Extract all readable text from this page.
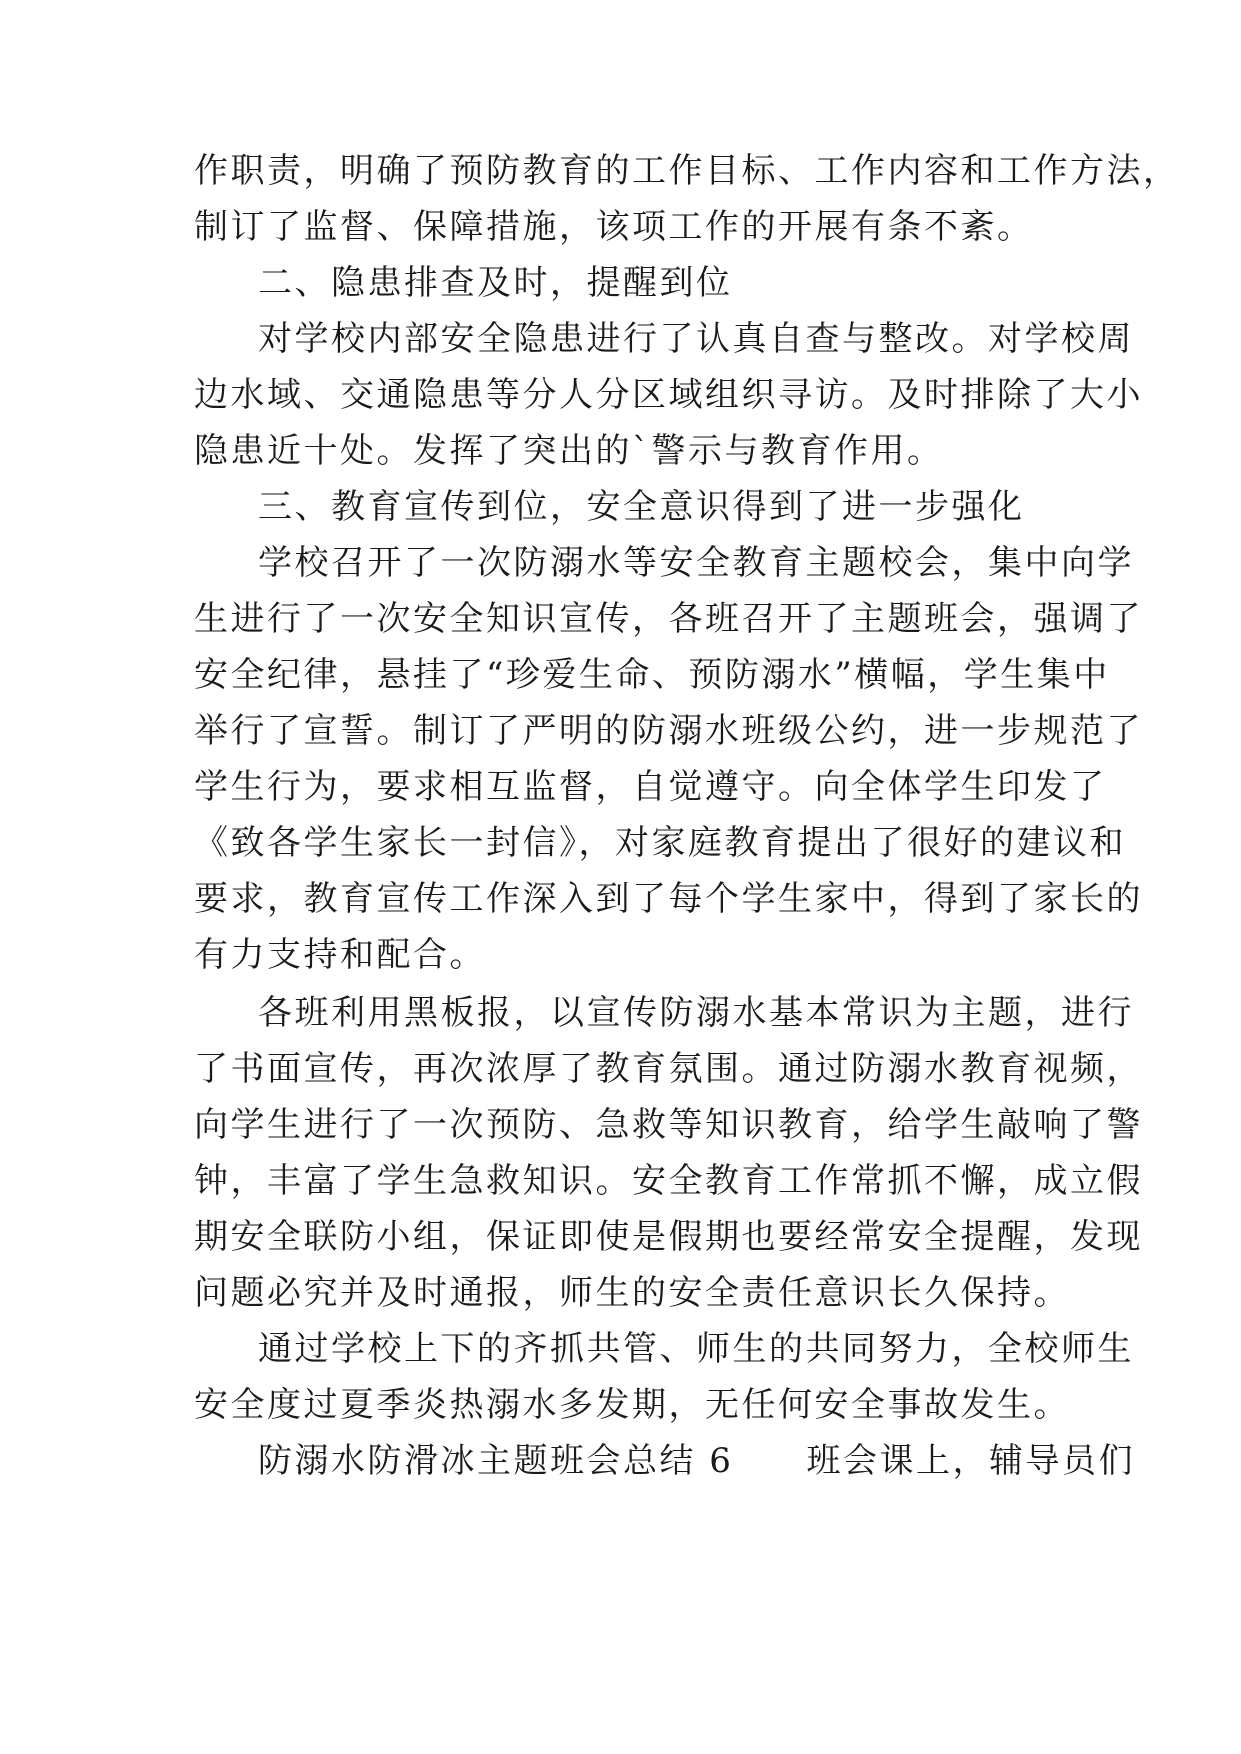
作职责，明确了预防教育的工作目标、工作内容和工作方法，
制订了监督、保障措施，该项工作的开展有条不紊。
二、隐患排查及时，提醒到位
对学校内部安全隐患进行了认真自查与整改。对学校周
边水域、交通隐患等分人分区域组织寻访。及时排除了大小
隐患近十处。发挥了突出的`警示与教育作用。
三、教育宣传到位，安全意识得到了进一步强化
学校召开了一次防溺水等安全教育主题校会，集中向学
生进行了一次安全知识宣传，各班召开了主题班会，强调了
安全纪律，悬挂了“珍爱生命、预防溺水”横幅，学生集中
举行了宣誓。制订了严明的防溺水班级公约，进一步规范了
学生行为，要求相互监督，自觉遵守。向全体学生印发了
《致各学生家长一封信》，对家庭教育提出了很好的建议和
要求，教育宣传工作深入到了每个学生家中，得到了家长的
有力支持和配合。
各班利用黑板报，以宣传防溺水基本常识为主题，进行
了书面宣传，再次浓厚了教育氛围。通过防溺水教育视频，
向学生进行了一次预防、急救等知识教育，给学生敲响了警
钟，丰富了学生急救知识。安全教育工作常抓不懈，成立假
期安全联防小组，保证即使是假期也要经常安全提醒，发现
问题必究并及时通报，师生的安全责任意识长久保持。
通过学校上下的齐抓共管、师生的共同努力，全校师生
安全度过夏季炎热溺水多发期，无任何安全事故发生。
防溺水防滑冰主题班会总结 6　　班会课上，辅导员们
